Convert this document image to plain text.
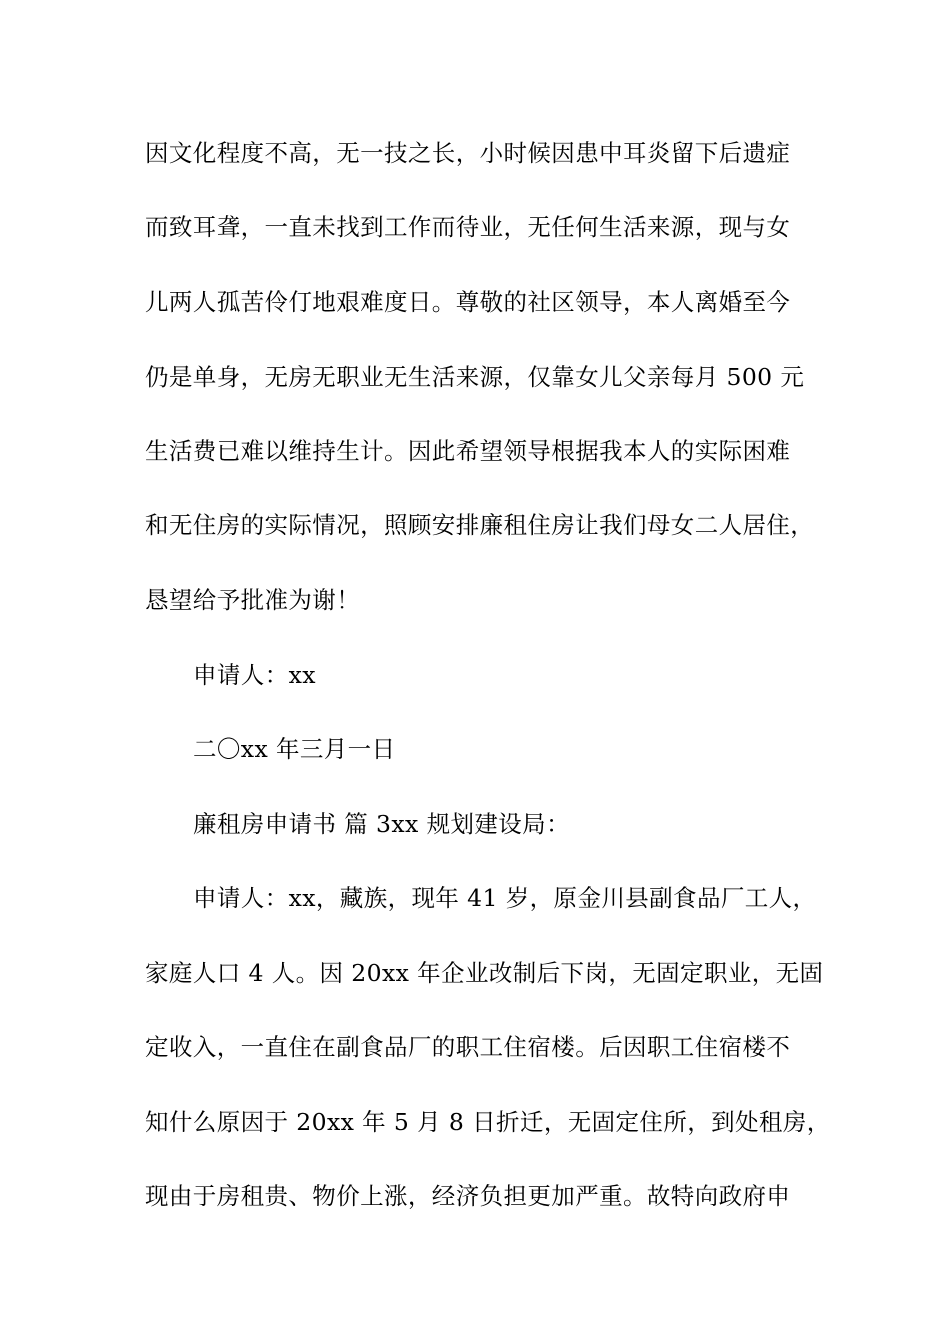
因文化程度不高，无一技之长，小时候因患中耳炎留下后遗症
而致耳聋，一直未找到工作而待业，无任何生活来源，现与女
儿两人孤苦伶仃地艰难度日。尊敬的社区领导，本人离婚至今
仍是单身，无房无职业无生活来源，仅靠女儿父亲每月 500 元
生活费已难以维持生计。因此希望领导根据我本人的实际困难
和无住房的实际情况，照顾安排廉租住房让我们母女二人居住，
恳望给予批准为谢！
申请人：xx
二〇xx 年三月一日
廉租房申请书 篇 3xx 规划建设局：
申请人：xx，藏族，现年 41 岁，原金川县副食品厂工人，
家庭人口 4 人。因 20xx 年企业改制后下岗，无固定职业，无固
定收入，一直住在副食品厂的职工住宿楼。后因职工住宿楼不
知什么原因于 20xx 年 5 月 8 日折迁，无固定住所，到处租房，
现由于房租贵、物价上涨，经济负担更加严重。故特向政府申
